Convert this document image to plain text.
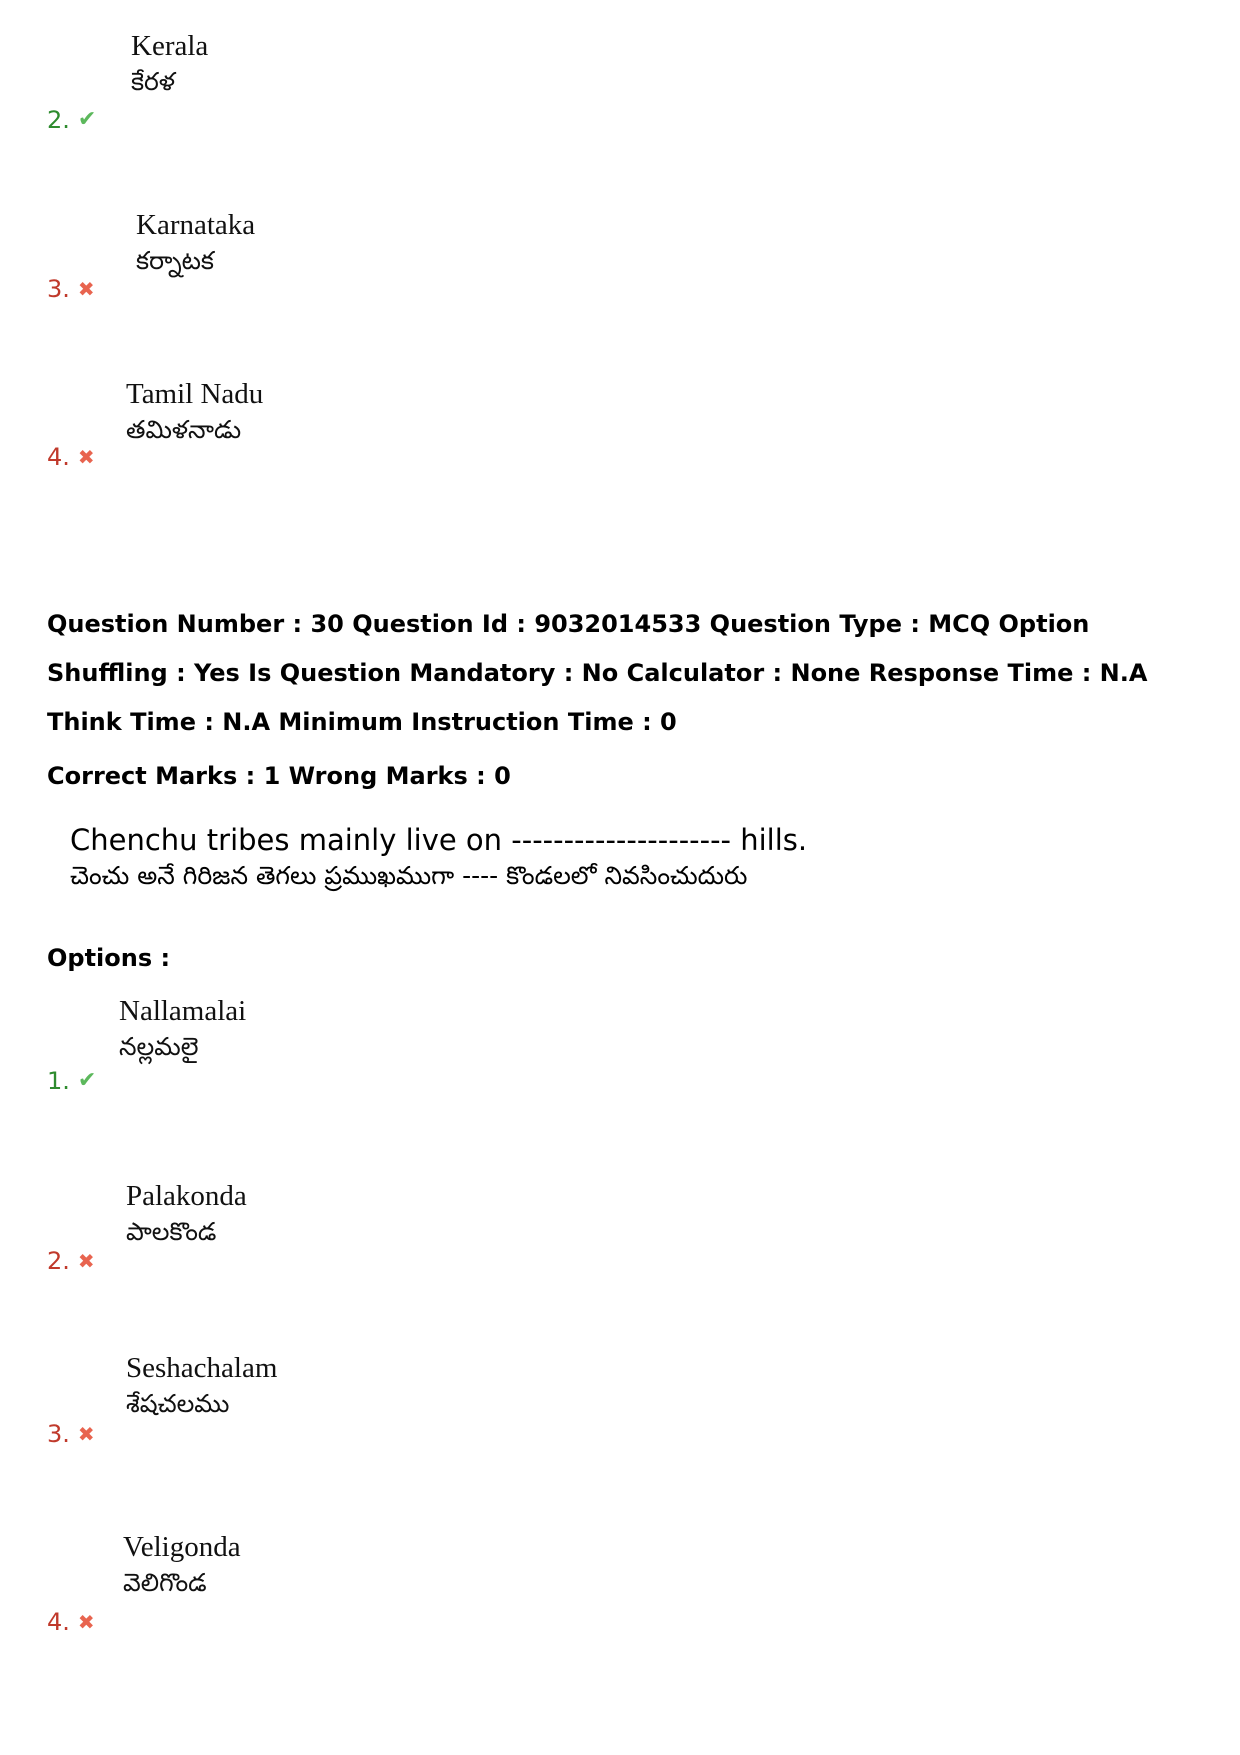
Kerala
కేరళ
2. ✔
Karnataka
కర్నాటక
3. ✖
Tamil Nadu
తమిళనాడు
4. ✖
Question Number : 30 Question Id : 9032014533 Question Type : MCQ Option Shuffling : Yes Is Question Mandatory : No Calculator : None Response Time : N.A Think Time : N.A Minimum Instruction Time : 0
Correct Marks : 1 Wrong Marks : 0
Chenchu tribes mainly live on --------------------- hills.
చెంచు అనే గిరిజన తెగలు ప్రముఖముగా ---- కొండలలో నివసించుదురు
Options :
Nallamalai
నల్లమలై
1. ✔
Palakonda
పాలకొండ
2. ✖
Seshachalam
శేషచలము
3. ✖
Veligonda
వెలిగొండ
4. ✖
